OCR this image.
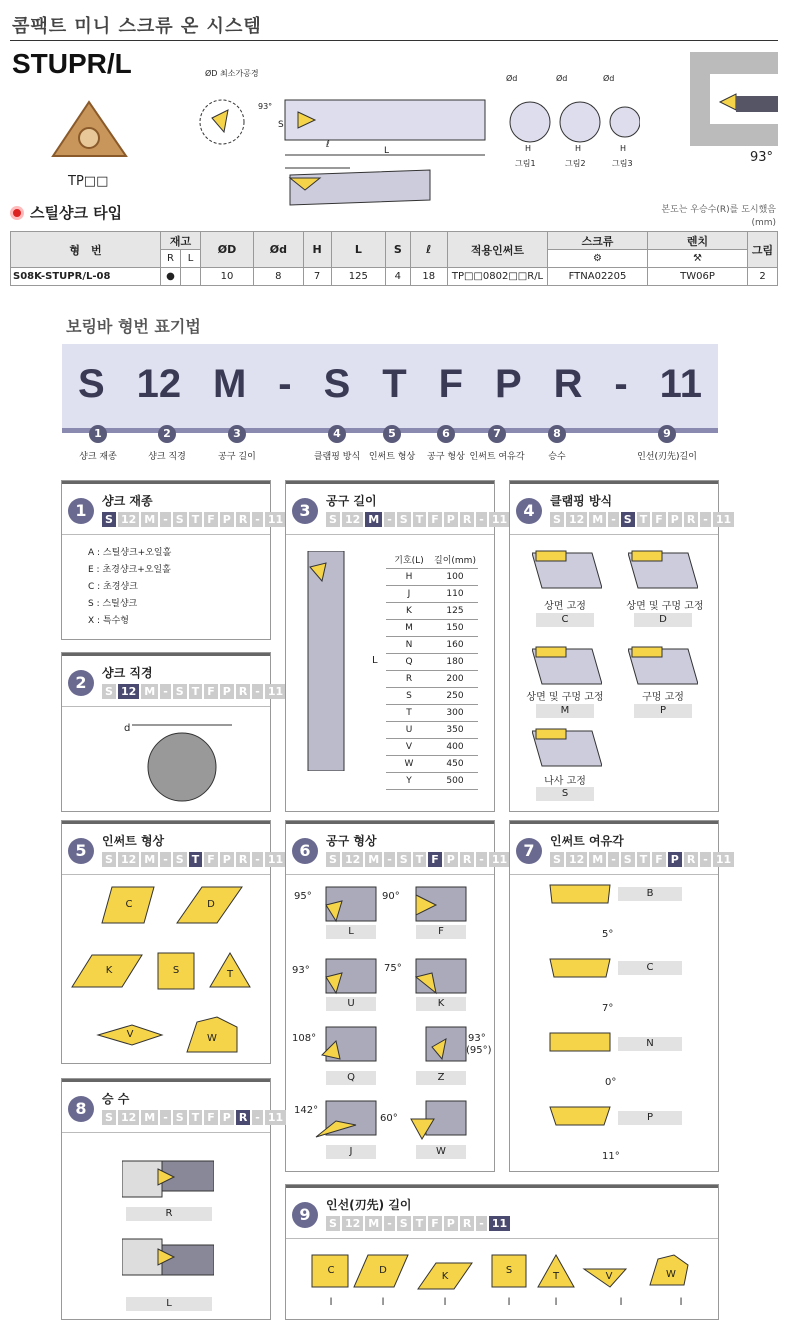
콤팩트 미니 스크류 온 시스템
STUPR/L
TP□□
ØD 최소가공경
93°
S
ℓ
L
Ød	Ød	Ød
H	H	H
그림1	그림2	그림3	93°
스틸샹크 타입	본도는 우승수(R)를 도시했음
(mm)
형　번	재고		ØD	Ød	H	L	S	ℓ	적용인써트	스크류	렌치	그림
	R	L								⚙	⚒	
S08K-STUPR/L-08	●		10	8	7	125	4	18	TP□□0802□□R/L	FTNA02205	TW06P	2
보링바 형번 표기법
S 12 M - S T F P R - 11
1
샹크 재종
2
샹크 직경
3
공구 길이
4
클램핑 방식
5
인써트 형상
6
공구 형상
7
인써트 여유각
8
승수
9
인선(刃先)길이
1	샹크 재종
S 12 M - S T F P R - 11
A : 스틸샹크+오일홀
E : 초경샹크+오일홀
C : 초경샹크
S : 스틸샹크
X : 특수형
2	샹크 직경
S 12 M - S T F P R - 11
d
3	공구 길이
S 12 M - S T F P R - 11
L
기호(L)	길이(mm)
H	100
J	110
K	125
M	150
N	160
Q	180
R	200
S	250
T	300
U	350
V	400
W	450
Y	500
4	클램핑 방식
S 12 M - S T F P R - 11
상면 고정
C
상면 및 구멍 고정
D
상면 및 구멍 고정
M
구멍 고정
P
나사 고정
S
5	인써트 형상
S 12 M - S T F P R - 11
C	D
K	S	T
V	W
6	공구 형상
S 12 M - S T F P R - 11
95°
L
90°
F
93°
U
75°
K
108°
Q
93°
(95°)
Z
142°
J
60°
W
7	인써트 여유각
S 12 M - S T F P R - 11
5°
B
7°
C
0°
N
11°
P
8	승 수
S 12 M - S T F P R - 11
R
L
9	인선(刃先) 길이
S 12 M - S T F P R - 11
C	D
K
S
T	V	W
l	l	l	l	l	l	l
